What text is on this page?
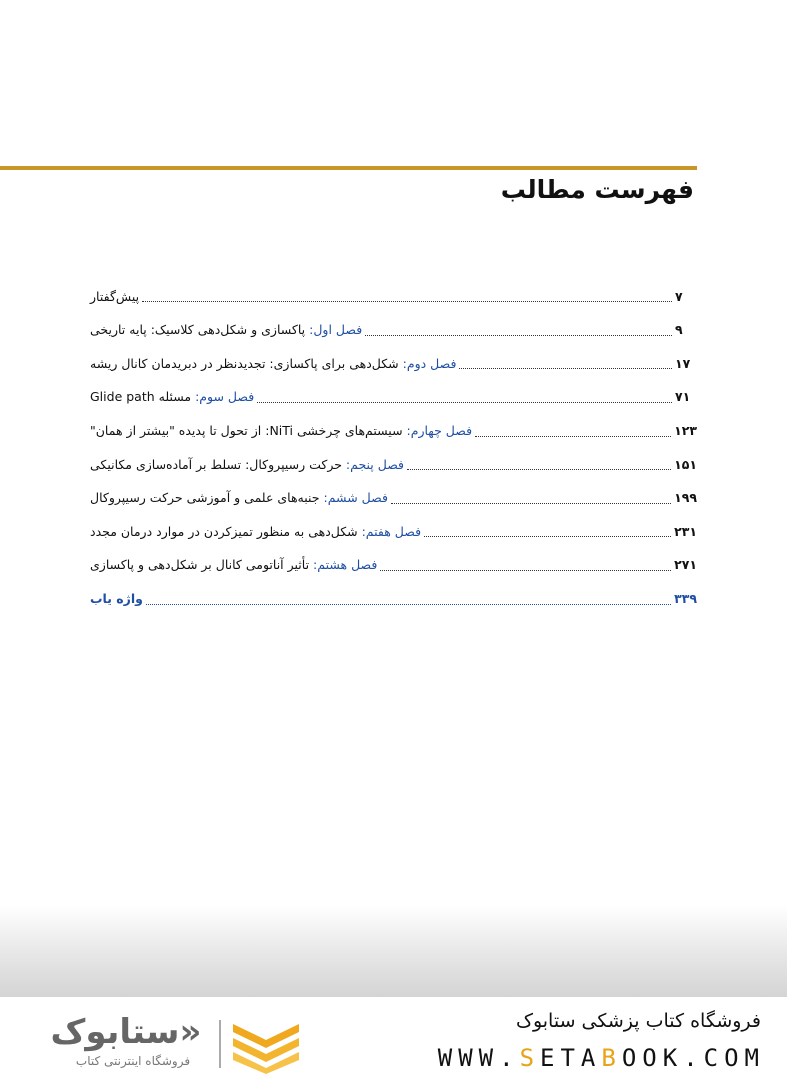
فهرست مطالب
پیش‌گفتار	۷
فصل اول: پاکسازی و شکل‌دهی کلاسیک: پایه تاریخی	۹
فصل دوم: شکل‌دهی برای پاکسازی: تجدیدنظر در دبریدمان کانال ریشه	۱۷
فصل سوم: مسئله Glide path	۷۱
فصل چهارم: سیستم‌های چرخشی NiTi: از تحول تا پدیده "بیشتر از همان"	۱۲۳
فصل پنجم: حرکت رسیپروکال: تسلط بر آماده‌سازی مکانیکی	۱۵۱
فصل ششم: جنبه‌های علمی و آموزشی حرکت رسیپروکال	۱۹۹
فصل هفتم: شکل‌دهی به منظور تمیزکردن در موارد درمان مجدد	۲۳۱
فصل هشتم: تأثیر آناتومی کانال بر شکل‌دهی و پاکسازی	۲۷۱
واژه یاب	۳۳۹
ستابوک»
فروشگاه اینترنتی کتاب
فروشگاه کتاب پزشکی ستابوک
WWW.SETABOOK.COM
